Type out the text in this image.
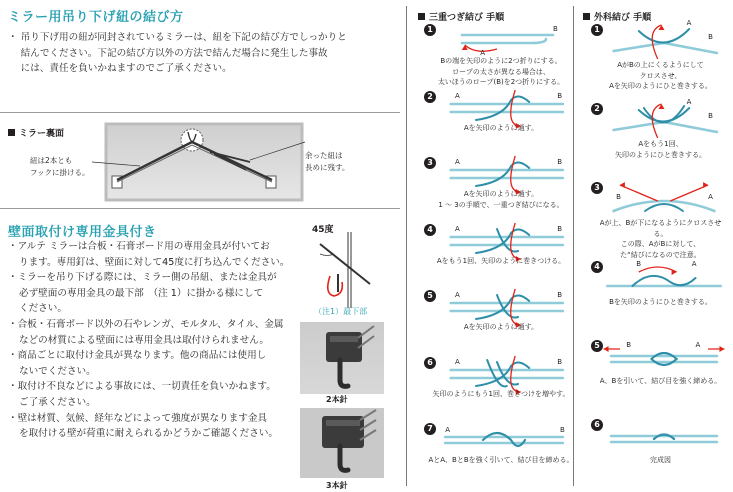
ミラー用吊り下げ紐の結び方
・ 吊り下げ用の紐が同封されているミラーは、紐を下記の結び方でしっかりと
　 結んでください。下記の結び方以外の方法で結んだ場合に発生した事故
　 には、責任を負いかねますのでご了承ください。
ミラー裏面
紐は2本とも
フックに掛ける。
余った紐は
長めに残す。
壁面取付け専用金具付き
・ アルテ ミラーは合板・石膏ボード用の専用金具が付いてお
ります。専用釘は、壁面に対して45度に打ち込んでください。
・ ミラーを吊り下げる際には、ミラー側の吊紐、または金具が
必ず壁面の専用金具の最下部　（注 1）に掛かる様にして
ください。
・ 合板・石膏ボード以外の石やレンガ、モルタル、タイル、金属
などの材質による壁面には専用金具は取付けられません。
・ 商品ごとに取付け金具が異なります。他の商品には使用し
ないでください。
・ 取付け不良などによる事故には、一切責任を負いかねます。
ご了承ください。
・ 壁は材質、気候、経年などによって強度が異なります金具
を取付ける壁が荷重に耐えられるかどうかご確認ください。
45度
（注1）最下部
2本針
3本針
三重つぎ結び 手順
1
A
B
Bの端を矢印のように2つ折りにする。
ロープの太さが異なる場合は、
太いほうのロープ(B)を2つ折りにする。
2	A	B
Aを矢印のように通す。
3	A	B
Aを矢印のように通す。
1 ～ 3の手順で、一重つぎ結びになる。
4	A	B
Aをもう1回、矢印のように巻きつける。
5	A	B
Aを矢印のように通す。
6	A	B
矢印のようにもう1回、巻きつけを増やす。
7	A	B
AとA、BとBを強く引いて、結び目を締める。
外科結び 手順
1
A
B
AがBの上にくるようにして
クロスさせ、
Aを矢印のようにひと巻きする。
2
A
B
Aをもう1回、
矢印のようにひと巻きする。
3
B	A
Aが上、Bが下になるようにクロスさせる。
この際、AがBに対して、
た“結びになるので注意。
4	B	A
Bを矢印のようにひと巻きする。
5	B	A
A、Bを引いて、結び目を強く締める。
6
完成図
